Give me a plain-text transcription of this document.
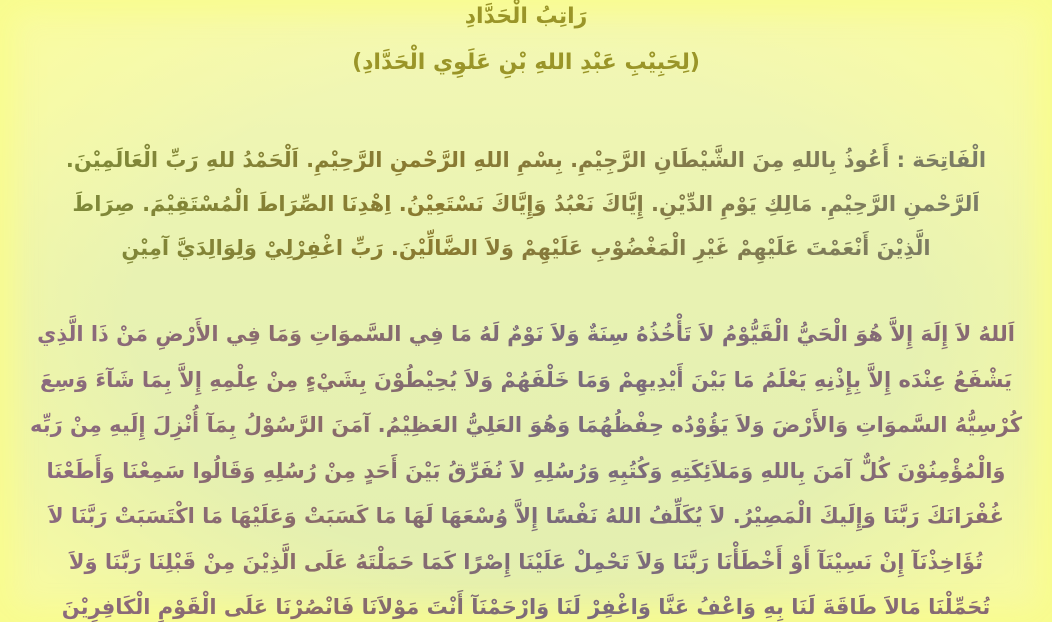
رَاتِبُ الْحَدَّادِ
(لِحَبِيْبِ عَبْدِ اللهِ بْنِ عَلَوِي الْحَدَّادِ)
الْفَاتِحَة : أَعُوذُ بِاللهِ مِنَ الشَّيْطَانِ الرَّجِيْمِ. بِسْمِ اللهِ الرَّحْمنِ الرَّحِيْمِ. اَلْحَمْدُ للهِ رَبِّ الْعَالَمِيْنَ.
اَلرَّحْمنِ الرَّحِيْمِ. مَالِكِ يَوْمِ الدِّيْنِ. إِيَّاكَ نَعْبُدُ وَإِيَّاكَ نَسْتَعِيْنُ. اِهْدِنَا الصِّرَاطَ الْمُسْتَقِيْمَ. صِرَاطَ
الَّذِيْنَ أَنْعَمْتَ عَلَيْهِمْ غَيْرِ الْمَغْضُوْبِ عَلَيْهِمْ وَلاَ الضَّالِّيْنَ. رَبِّ اغْفِرْلِيْ وَلِوَالِدَيَّ آمِيْنِ
اَللهُ لاَ إِلَهَ إِلاَّ هُوَ الْحَيُّ الْقَيُّوْمُ لاَ تَأْخُذُهُ سِنَةٌ وَلاَ نَوْمٌ لَهُ مَا فِي السَّموَاتِ وَمَا فِي الأَرْضِ مَنْ ذَا الَّذِي
يَشْفَعُ عِنْدَه إِلاَّ بِإِذْنِهِ يَعْلَمُ مَا بَيْنَ أَيْدِيهِمْ وَمَا خَلْفَهُمْ وَلاَ يُحِيْطُوْنَ بِشَيْءٍ مِنْ عِلْمِهِ إِلاَّ بِمَا شَآءَ وَسِعَ
كُرْسِيُّهُ السَّموَاتِ وَالأَرْضَ وَلاَ يَؤُوْدُه حِفْظُهُمَا وَهُوَ العَلِيُّ العَظِيْمُ. آمَنَ الرَّسُوْلُ بِمَآ أُنْزِلَ إِلَيهِ مِنْ رَبِّه
وَالْمُؤْمِنُوْنَ كُلٌّ آمَنَ بِاللهِ وَمَلاَئِكَتِهِ وَكُتُبِهِ وَرُسُلِهِ لاَ نُفَرِّقُ بَيْنَ أَحَدٍ مِنْ رُسُلِهِ وَقَالُوا سَمِعْنَا وَأَطَعْنَا
غُفْرَانَكَ رَبَّنَا وَإِلَيكَ الْمَصِيْرُ. لاَ يُكَلِّفُ اللهُ نَفْسًا إِلاَّ وُسْعَهَا لَهَا مَا كَسَبَتْ وَعَلَيْهَا مَا اكْتَسَبَتْ رَبَّنَا لاَ
تُؤَاخِذْنَآ إِنْ نَسِيْنَآ أَوْ أَخْطَأْنَا رَبَّنَا وَلاَ تَحْمِلْ عَلَيْنَا إِصْرًا كَمَا حَمَلْتَهُ عَلَى الَّذِيْنَ مِنْ قَبْلِنَا رَبَّنَا وَلاَ
تُحَمِّلْنَا مَالاَ طَاقَةَ لَنَا بِهِ وَاعْفُ عَنَّا وَاغْفِرْ لَنَا وَارْحَمْنَآ أَنْتَ مَوْلاَنَا فَانْصُرْنَا عَلَى الْقَوْمِ الْكَافِرِيْنَ
